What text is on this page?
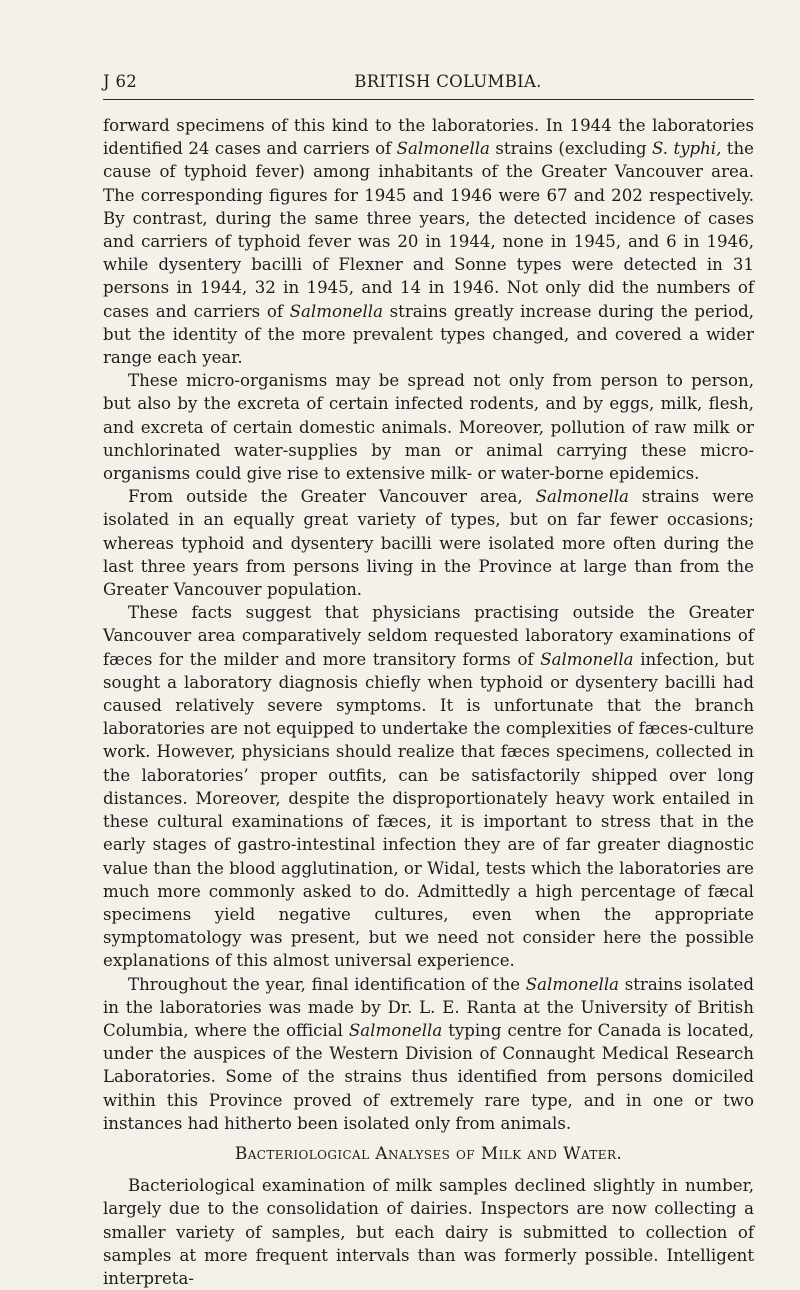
J 62	BRITISH COLUMBIA.

forward specimens of this kind to the laboratories. In 1944 the laboratories identified 24 cases and carriers of Salmonella strains (excluding S. typhi, the cause of typhoid fever) among inhabitants of the Greater Vancouver area. The corresponding figures for 1945 and 1946 were 67 and 202 respectively. By contrast, during the same three years, the detected incidence of cases and carriers of typhoid fever was 20 in 1944, none in 1945, and 6 in 1946, while dysentery bacilli of Flexner and Sonne types were detected in 31 persons in 1944, 32 in 1945, and 14 in 1946. Not only did the numbers of cases and carriers of Salmonella strains greatly increase during the period, but the identity of the more prevalent types changed, and covered a wider range each year.

These micro-organisms may be spread not only from person to person, but also by the excreta of certain infected rodents, and by eggs, milk, flesh, and excreta of certain domestic animals. Moreover, pollution of raw milk or unchlorinated water-supplies by man or animal carrying these micro-organisms could give rise to extensive milk- or water-borne epidemics.

From outside the Greater Vancouver area, Salmonella strains were isolated in an equally great variety of types, but on far fewer occasions; whereas typhoid and dysentery bacilli were isolated more often during the last three years from persons living in the Province at large than from the Greater Vancouver population.

These facts suggest that physicians practising outside the Greater Vancouver area comparatively seldom requested laboratory examinations of fæces for the milder and more transitory forms of Salmonella infection, but sought a laboratory diagnosis chiefly when typhoid or dysentery bacilli had caused relatively severe symptoms. It is unfortunate that the branch laboratories are not equipped to undertake the complexities of fæces-culture work. However, physicians should realize that fæces specimens, collected in the laboratories’ proper outfits, can be satisfactorily shipped over long distances. Moreover, despite the disproportionately heavy work entailed in these cultural examinations of fæces, it is important to stress that in the early stages of gastro-intestinal infection they are of far greater diagnostic value than the blood agglutination, or Widal, tests which the laboratories are much more commonly asked to do. Admittedly a high percentage of fæcal specimens yield negative cultures, even when the appropriate symptomatology was present, but we need not consider here the possible explanations of this almost universal experience.

Throughout the year, final identification of the Salmonella strains isolated in the laboratories was made by Dr. L. E. Ranta at the University of British Columbia, where the official Salmonella typing centre for Canada is located, under the auspices of the Western Division of Connaught Medical Research Laboratories. Some of the strains thus identified from persons domiciled within this Province proved of extremely rare type, and in one or two instances had hitherto been isolated only from animals.

Bacteriological Analyses of Milk and Water.

Bacteriological examination of milk samples declined slightly in number, largely due to the consolidation of dairies. Inspectors are now collecting a smaller variety of samples, but each dairy is submitted to collection of samples at more frequent intervals than was formerly possible. Intelligent interpreta-
